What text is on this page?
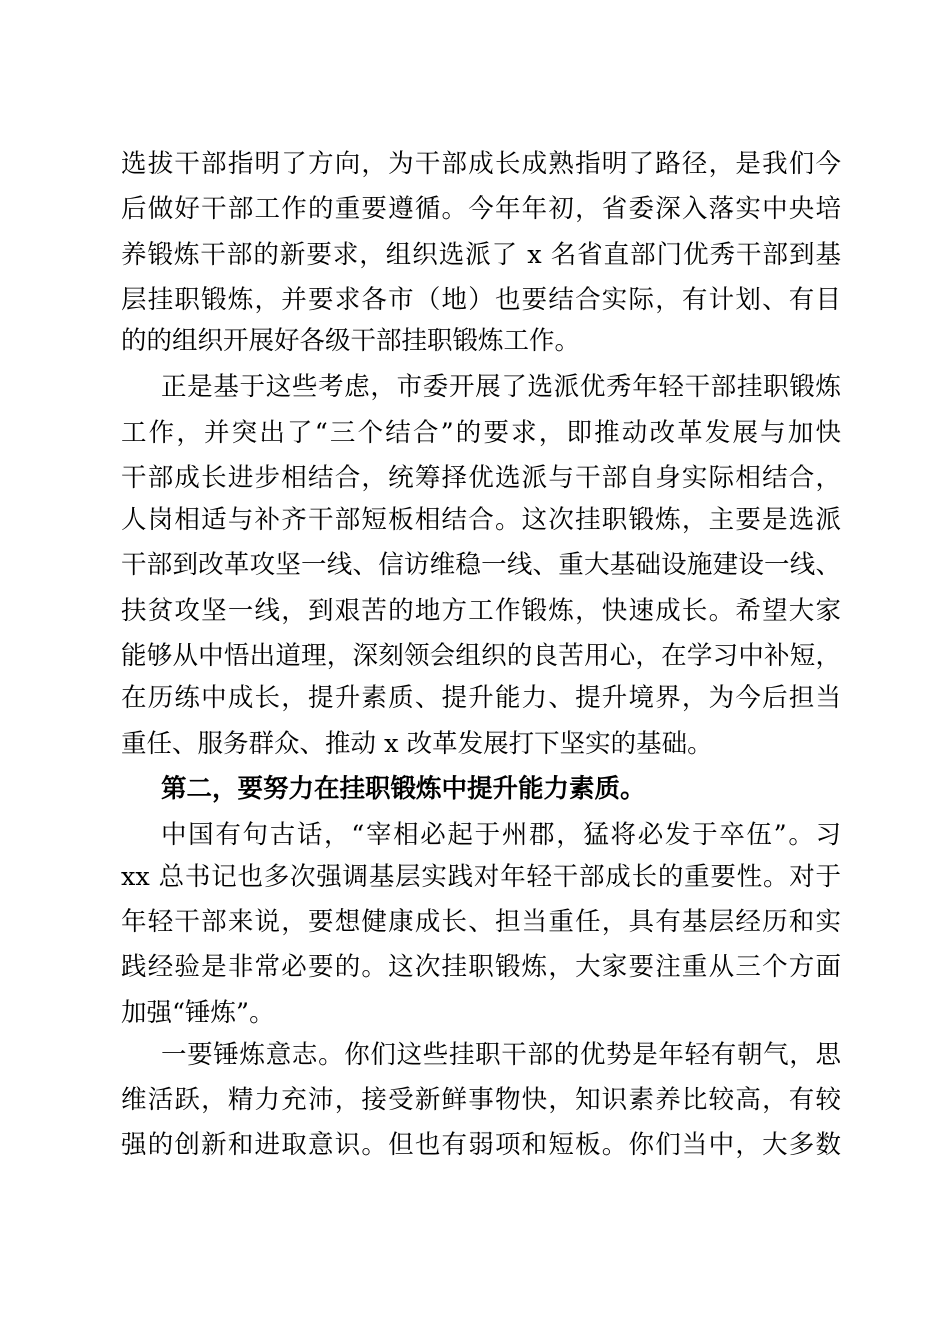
选拔干部指明了方向，为干部成长成熟指明了路径，是我们今
后做好干部工作的重要遵循。今年年初，省委深入落实中央培
养锻炼干部的新要求，组织选派了 x 名省直部门优秀干部到基
层挂职锻炼，并要求各市（地）也要结合实际，有计划、有目
的的组织开展好各级干部挂职锻炼工作。
正是基于这些考虑，市委开展了选派优秀年轻干部挂职锻炼
工作，并突出了“三个结合”的要求，即推动改革发展与加快
干部成长进步相结合，统筹择优选派与干部自身实际相结合，
人岗相适与补齐干部短板相结合。这次挂职锻炼，主要是选派
干部到改革攻坚一线、信访维稳一线、重大基础设施建设一线、
扶贫攻坚一线，到艰苦的地方工作锻炼，快速成长。希望大家
能够从中悟出道理，深刻领会组织的良苦用心，在学习中补短，
在历练中成长，提升素质、提升能力、提升境界，为今后担当
重任、服务群众、推动 x 改革发展打下坚实的基础。
第二，要努力在挂职锻炼中提升能力素质。
中国有句古话，“宰相必起于州郡，猛将必发于卒伍”。习
xx 总书记也多次强调基层实践对年轻干部成长的重要性。对于
年轻干部来说，要想健康成长、担当重任，具有基层经历和实
践经验是非常必要的。这次挂职锻炼，大家要注重从三个方面
加强“锤炼”。
一要锤炼意志。你们这些挂职干部的优势是年轻有朝气，思
维活跃，精力充沛，接受新鲜事物快，知识素养比较高，有较
强的创新和进取意识。但也有弱项和短板。你们当中，大多数
